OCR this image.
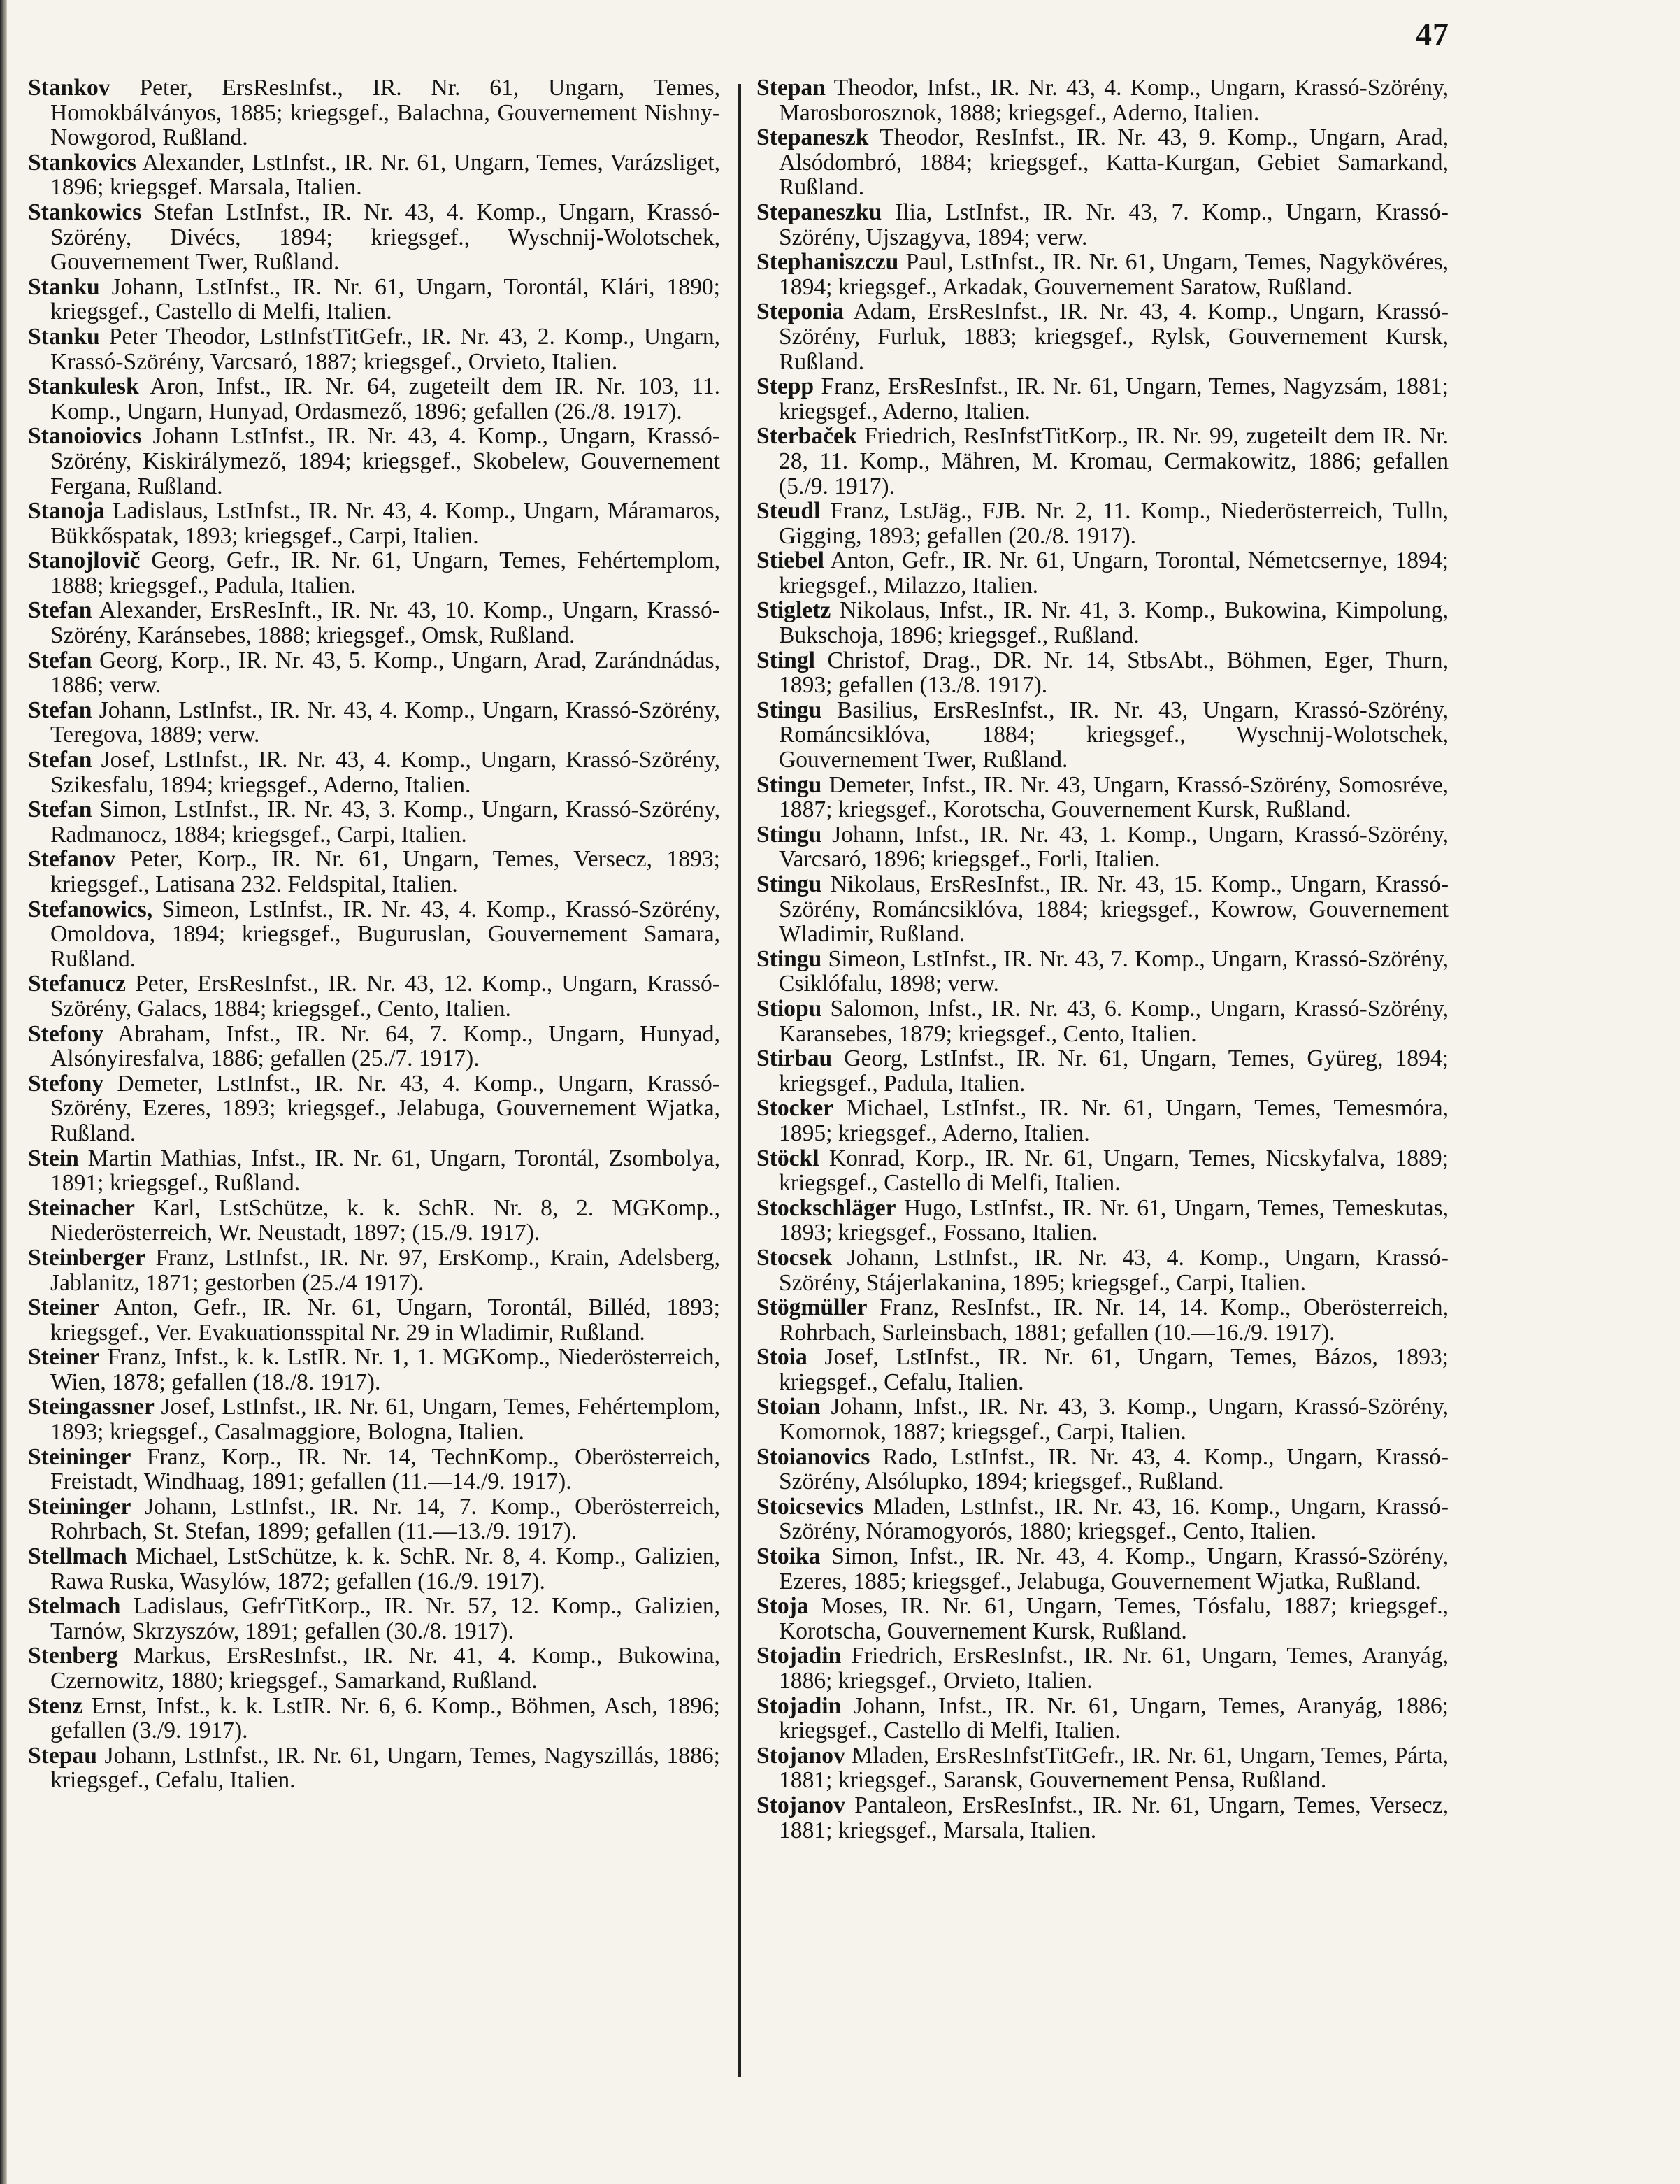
47

Stankov Peter, ErsResInfst., IR. Nr. 61, Ungarn, Temes, Homokbálványos, 1885; kriegsgef., Balachna, Gouvernement Nishny-Nowgorod, Rußland.

Stankovics Alexander, LstInfst., IR. Nr. 61, Ungarn, Temes, Varázsliget, 1896; kriegsgef. Marsala, Italien.

Stankowics Stefan LstInfst., IR. Nr. 43, 4. Komp., Ungarn, Krassó-Szörény, Divécs, 1894; kriegsgef., Wyschnij-Wolotschek, Gouvernement Twer, Rußland.

Stanku Johann, LstInfst., IR. Nr. 61, Ungarn, Torontál, Klári, 1890; kriegsgef., Castello di Melfi, Italien.

Stanku Peter Theodor, LstInfstTitGefr., IR. Nr. 43, 2. Komp., Ungarn, Krassó-Szörény, Varcsaró, 1887; kriegsgef., Orvieto, Italien.

Stankulesk Aron, Infst., IR. Nr. 64, zugeteilt dem IR. Nr. 103, 11. Komp., Ungarn, Hunyad, Ordasmező, 1896; gefallen (26./8. 1917).

Stanoiovics Johann LstInfst., IR. Nr. 43, 4. Komp., Ungarn, Krassó-Szörény, Kiskirálymező, 1894; kriegsgef., Skobelew, Gouvernement Fergana, Rußland.

Stanoja Ladislaus, LstInfst., IR. Nr. 43, 4. Komp., Ungarn, Máramaros, Bükkőspatak, 1893; kriegsgef., Carpi, Italien.

Stanojlovič Georg, Gefr., IR. Nr. 61, Ungarn, Temes, Fehértemplom, 1888; kriegsgef., Padula, Italien.

Stefan Alexander, ErsResInft., IR. Nr. 43, 10. Komp., Ungarn, Krassó-Szörény, Karánsebes, 1888; kriegsgef., Omsk, Rußland.

Stefan Georg, Korp., IR. Nr. 43, 5. Komp., Ungarn, Arad, Zarándnádas, 1886; verw.

Stefan Johann, LstInfst., IR. Nr. 43, 4. Komp., Ungarn, Krassó-Szörény, Teregova, 1889; verw.

Stefan Josef, LstInfst., IR. Nr. 43, 4. Komp., Ungarn, Krassó-Szörény, Szikesfalu, 1894; kriegsgef., Aderno, Italien.

Stefan Simon, LstInfst., IR. Nr. 43, 3. Komp., Ungarn, Krassó-Szörény, Radmanocz, 1884; kriegsgef., Carpi, Italien.

Stefanov Peter, Korp., IR. Nr. 61, Ungarn, Temes, Versecz, 1893; kriegsgef., Latisana 232. Feldspital, Italien.

Stefanowics, Simeon, LstInfst., IR. Nr. 43, 4. Komp., Krassó-Szörény, Omoldova, 1894; kriegsgef., Buguruslan, Gouvernement Samara, Rußland.

Stefanucz Peter, ErsResInfst., IR. Nr. 43, 12. Komp., Ungarn, Krassó-Szörény, Galacs, 1884; kriegsgef., Cento, Italien.

Stefony Abraham, Infst., IR. Nr. 64, 7. Komp., Ungarn, Hunyad, Alsónyiresfalva, 1886; gefallen (25./7. 1917).

Stefony Demeter, LstInfst., IR. Nr. 43, 4. Komp., Ungarn, Krassó-Szörény, Ezeres, 1893; kriegsgef., Jelabuga, Gouvernement Wjatka, Rußland.

Stein Martin Mathias, Infst., IR. Nr. 61, Ungarn, Torontál, Zsombolya, 1891; kriegsgef., Rußland.

Steinacher Karl, LstSchütze, k. k. SchR. Nr. 8, 2. MGKomp., Niederösterreich, Wr. Neustadt, 1897; (15./9. 1917).

Steinberger Franz, LstInfst., IR. Nr. 97, ErsKomp., Krain, Adelsberg, Jablanitz, 1871; gestorben (25./4 1917).

Steiner Anton, Gefr., IR. Nr. 61, Ungarn, Torontál, Billéd, 1893; kriegsgef., Ver. Evakuationsspital Nr. 29 in Wladimir, Rußland.

Steiner Franz, Infst., k. k. LstIR. Nr. 1, 1. MGKomp., Niederösterreich, Wien, 1878; gefallen (18./8. 1917).

Steingassner Josef, LstInfst., IR. Nr. 61, Ungarn, Temes, Fehértemplom, 1893; kriegsgef., Casalmaggiore, Bologna, Italien.

Steininger Franz, Korp., IR. Nr. 14, TechnKomp., Oberösterreich, Freistadt, Windhaag, 1891; gefallen (11.—14./9. 1917).

Steininger Johann, LstInfst., IR. Nr. 14, 7. Komp., Oberösterreich, Rohrbach, St. Stefan, 1899; gefallen (11.—13./9. 1917).

Stellmach Michael, LstSchütze, k. k. SchR. Nr. 8, 4. Komp., Galizien, Rawa Ruska, Wasylów, 1872; gefallen (16./9. 1917).

Stelmach Ladislaus, GefrTitKorp., IR. Nr. 57, 12. Komp., Galizien, Tarnów, Skrzyszów, 1891; gefallen (30./8. 1917).

Stenberg Markus, ErsResInfst., IR. Nr. 41, 4. Komp., Bukowina, Czernowitz, 1880; kriegsgef., Samarkand, Rußland.

Stenz Ernst, Infst., k. k. LstIR. Nr. 6, 6. Komp., Böhmen, Asch, 1896; gefallen (3./9. 1917).

Stepau Johann, LstInfst., IR. Nr. 61, Ungarn, Temes, Nagyszillás, 1886; kriegsgef., Cefalu, Italien.

Stepan Theodor, Infst., IR. Nr. 43, 4. Komp., Ungarn, Krassó-Szörény, Marosborosznok, 1888; kriegsgef., Aderno, Italien.

Stepaneszk Theodor, ResInfst., IR. Nr. 43, 9. Komp., Ungarn, Arad, Alsódombró, 1884; kriegsgef., Katta-Kurgan, Gebiet Samarkand, Rußland.

Stepaneszku Ilia, LstInfst., IR. Nr. 43, 7. Komp., Ungarn, Krassó-Szörény, Ujszagyva, 1894; verw.

Stephaniszczu Paul, LstInfst., IR. Nr. 61, Ungarn, Temes, Nagykövéres, 1894; kriegsgef., Arkadak, Gouvernement Saratow, Rußland.

Steponia Adam, ErsResInfst., IR. Nr. 43, 4. Komp., Ungarn, Krassó-Szörény, Furluk, 1883; kriegsgef., Rylsk, Gouvernement Kursk, Rußland.

Stepp Franz, ErsResInfst., IR. Nr. 61, Ungarn, Temes, Nagyzsám, 1881; kriegsgef., Aderno, Italien.

Sterbaček Friedrich, ResInfstTitKorp., IR. Nr. 99, zugeteilt dem IR. Nr. 28, 11. Komp., Mähren, M. Kromau, Cermakowitz, 1886; gefallen (5./9. 1917).

Steudl Franz, LstJäg., FJB. Nr. 2, 11. Komp., Niederösterreich, Tulln, Gigging, 1893; gefallen (20./8. 1917).

Stiebel Anton, Gefr., IR. Nr. 61, Ungarn, Torontal, Németcsernye, 1894; kriegsgef., Milazzo, Italien.

Stigletz Nikolaus, Infst., IR. Nr. 41, 3. Komp., Bukowina, Kimpolung, Bukschoja, 1896; kriegsgef., Rußland.

Stingl Christof, Drag., DR. Nr. 14, StbsAbt., Böhmen, Eger, Thurn, 1893; gefallen (13./8. 1917).

Stingu Basilius, ErsResInfst., IR. Nr. 43, Ungarn, Krassó-Szörény, Románcsiklóva, 1884; kriegsgef., Wyschnij-Wolotschek, Gouvernement Twer, Rußland.

Stingu Demeter, Infst., IR. Nr. 43, Ungarn, Krassó-Szörény, Somosréve, 1887; kriegsgef., Korotscha, Gouvernement Kursk, Rußland.

Stingu Johann, Infst., IR. Nr. 43, 1. Komp., Ungarn, Krassó-Szörény, Varcsaró, 1896; kriegsgef., Forli, Italien.

Stingu Nikolaus, ErsResInfst., IR. Nr. 43, 15. Komp., Ungarn, Krassó-Szörény, Románcsiklóva, 1884; kriegsgef., Kowrow, Gouvernement Wladimir, Rußland.

Stingu Simeon, LstInfst., IR. Nr. 43, 7. Komp., Ungarn, Krassó-Szörény, Csiklófalu, 1898; verw.

Stiopu Salomon, Infst., IR. Nr. 43, 6. Komp., Ungarn, Krassó-Szörény, Karansebes, 1879; kriegsgef., Cento, Italien.

Stirbau Georg, LstInfst., IR. Nr. 61, Ungarn, Temes, Gyüreg, 1894; kriegsgef., Padula, Italien.

Stocker Michael, LstInfst., IR. Nr. 61, Ungarn, Temes, Temesmóra, 1895; kriegsgef., Aderno, Italien.

Stöckl Konrad, Korp., IR. Nr. 61, Ungarn, Temes, Nicskyfalva, 1889; kriegsgef., Castello di Melfi, Italien.

Stockschläger Hugo, LstInfst., IR. Nr. 61, Ungarn, Temes, Temeskutas, 1893; kriegsgef., Fossano, Italien.

Stocsek Johann, LstInfst., IR. Nr. 43, 4. Komp., Ungarn, Krassó-Szörény, Stájerlakanina, 1895; kriegsgef., Carpi, Italien.

Stögmüller Franz, ResInfst., IR. Nr. 14, 14. Komp., Oberösterreich, Rohrbach, Sarleinsbach, 1881; gefallen (10.—16./9. 1917).

Stoia Josef, LstInfst., IR. Nr. 61, Ungarn, Temes, Bázos, 1893; kriegsgef., Cefalu, Italien.

Stoian Johann, Infst., IR. Nr. 43, 3. Komp., Ungarn, Krassó-Szörény, Komornok, 1887; kriegsgef., Carpi, Italien.

Stoianovics Rado, LstInfst., IR. Nr. 43, 4. Komp., Ungarn, Krassó-Szörény, Alsólupko, 1894; kriegsgef., Rußland.

Stoicsevics Mladen, LstInfst., IR. Nr. 43, 16. Komp., Ungarn, Krassó-Szörény, Nóramogyorós, 1880; kriegsgef., Cento, Italien.

Stoika Simon, Infst., IR. Nr. 43, 4. Komp., Ungarn, Krassó-Szörény, Ezeres, 1885; kriegsgef., Jelabuga, Gouvernement Wjatka, Rußland.

Stoja Moses, IR. Nr. 61, Ungarn, Temes, Tósfalu, 1887; kriegsgef., Korotscha, Gouvernement Kursk, Rußland.

Stojadin Friedrich, ErsResInfst., IR. Nr. 61, Ungarn, Temes, Aranyág, 1886; kriegsgef., Orvieto, Italien.

Stojadin Johann, Infst., IR. Nr. 61, Ungarn, Temes, Aranyág, 1886; kriegsgef., Castello di Melfi, Italien.

Stojanov Mladen, ErsResInfstTitGefr., IR. Nr. 61, Ungarn, Temes, Párta, 1881; kriegsgef., Saransk, Gouvernement Pensa, Rußland.

Stojanov Pantaleon, ErsResInfst., IR. Nr. 61, Ungarn, Temes, Versecz, 1881; kriegsgef., Marsala, Italien.
